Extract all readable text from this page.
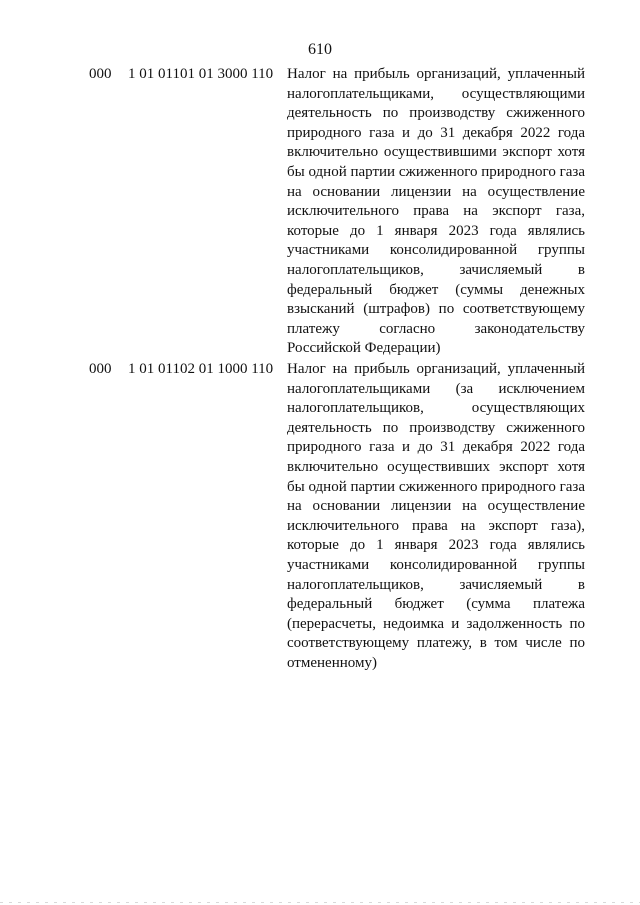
610
000 1 01 01101 01 3000 110 Налог на прибыль организаций, уплаченный
налогоплательщиками, осуществляющими
деятельность по производству сжиженного
природного газа и до 31 декабря 2022 года
включительно осуществившими экспорт хотя
бы одной партии сжиженного природного газа
на основании лицензии на осуществление
исключительного права на экспорт газа,
которые до 1 января 2023 года являлись
участниками консолидированной группы
налогоплательщиков, зачисляемый в
федеральный бюджет (суммы денежных
взысканий (штрафов) по соответствующему
платежу согласно законодательству
Российской Федерации)
000 1 01 01102 01 1000 110 Налог на прибыль организаций, уплаченный
налогоплательщиками (за исключением
налогоплательщиков, осуществляющих
деятельность по производству сжиженного
природного газа и до 31 декабря 2022 года
включительно осуществивших экспорт хотя
бы одной партии сжиженного природного газа
на основании лицензии на осуществление
исключительного права на экспорт газа),
которые до 1 января 2023 года являлись
участниками консолидированной группы
налогоплательщиков, зачисляемый в
федеральный бюджет (сумма платежа
(перерасчеты, недоимка и задолженность по
соответствующему платежу, в том числе по
отмененному)
